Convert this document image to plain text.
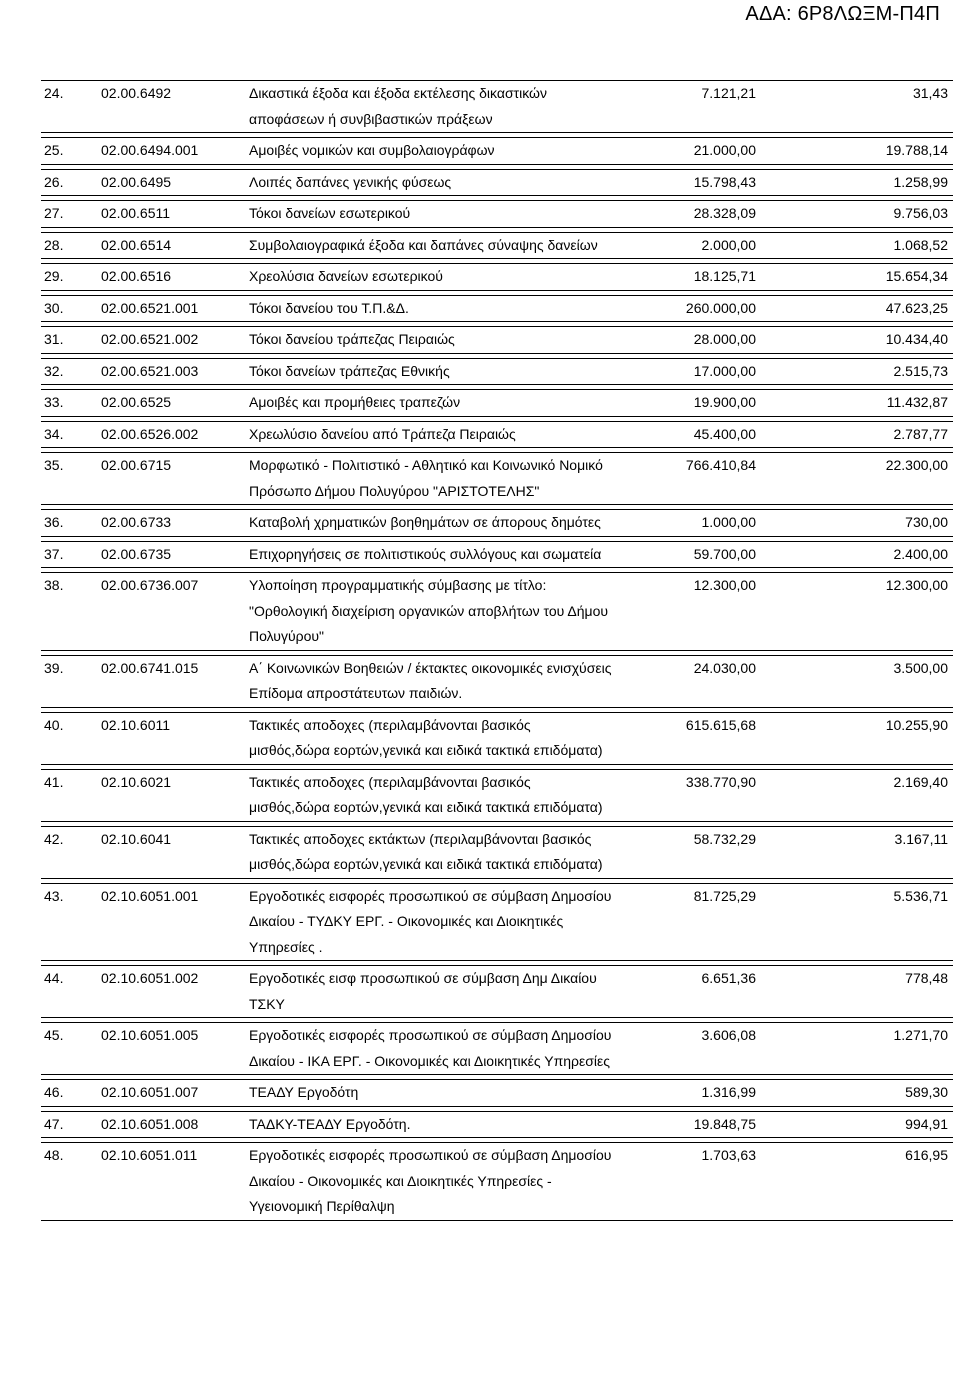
ΑΔΑ: 6Ρ8ΛΩΞΜ-Π4Π
24.	02.00.6492	Δικαστικά έξοδα και έξοδα εκτέλεσης δικαστικών αποφάσεων ή συνβιβαστικών πράξεων	7.121,21	31,43

25.	02.00.6494.001	Αμοιβές νομικών και συμβολαιογράφων	21.000,00	19.788,14

26.	02.00.6495	Λοιπές δαπάνες γενικής φύσεως	15.798,43	1.258,99

27.	02.00.6511	Τόκοι δανείων εσωτερικού	28.328,09	9.756,03

28.	02.00.6514	Συμβολαιογραφικά έξοδα και δαπάνες σύναψης δανείων	2.000,00	1.068,52

29.	02.00.6516	Χρεολύσια δανείων εσωτερικού	18.125,71	15.654,34

30.	02.00.6521.001	Τόκοι δανείου του Τ.Π.&Δ.	260.000,00	47.623,25

31.	02.00.6521.002	Τόκοι δανείου τράπεζας Πειραιώς	28.000,00	10.434,40

32.	02.00.6521.003	Τόκοι δανείων τράπεζας Εθνικής	17.000,00	2.515,73

33.	02.00.6525	Αμοιβές και προμήθειες τραπεζών	19.900,00	11.432,87

34.	02.00.6526.002	Χρεωλύσιο δανείου από Τράπεζα Πειραιώς	45.400,00	2.787,77

35.	02.00.6715	Μορφωτικό - Πολιτιστικό - Αθλητικό και Κοινωνικό Νομικό Πρόσωπο Δήμου Πολυγύρου "ΑΡΙΣΤΟΤΕΛΗΣ"	766.410,84	22.300,00

36.	02.00.6733	Καταβολή χρηματικών βοηθημάτων σε άπορους δημότες	1.000,00	730,00

37.	02.00.6735	Επιχορηγήσεις σε πολιτιστικούς συλλόγους και σωματεία	59.700,00	2.400,00

38.	02.00.6736.007	Υλοποίηση προγραμματικής σύμβασης με τίτλο: "Ορθολογική διαχείριση οργανικών αποβλήτων του Δήμου Πολυγύρου"	12.300,00	12.300,00

39.	02.00.6741.015	Α΄ Κοινωνικών Βοηθειών / έκτακτες οικονομικές ενισχύσεις Επίδομα απροστάτευτων παιδιών.	24.030,00	3.500,00

40.	02.10.6011	Τακτικές αποδοχες (περιλαμβάνονται βασικός μισθός,δώρα εορτών,γενικά και ειδικά τακτικά επιδόματα)	615.615,68	10.255,90

41.	02.10.6021	Τακτικές αποδοχες (περιλαμβάνονται βασικός μισθός,δώρα εορτών,γενικά και ειδικά τακτικά επιδόματα)	338.770,90	2.169,40

42.	02.10.6041	Τακτικές αποδοχες εκτάκτων (περιλαμβάνονται βασικός μισθός,δώρα εορτών,γενικά και ειδικά τακτικά επιδόματα)	58.732,29	3.167,11

43.	02.10.6051.001	Εργοδοτικές εισφορές προσωπικού σε σύμβαση Δημοσίου Δικαίου - ΤΥΔΚΥ ΕΡΓ. - Οικονομικές και Διοικητικές Υπηρεσίες .	81.725,29	5.536,71

44.	02.10.6051.002	Εργοδοτικές εισφ προσωπικού σε σύμβαση Δημ Δικαίου ΤΣΚΥ	6.651,36	778,48

45.	02.10.6051.005	Εργοδοτικές εισφορές προσωπικού σε σύμβαση Δημοσίου Δικαίου - ΙΚΑ ΕΡΓ. - Οικονομικές και Διοικητικές Υπηρεσίες	3.606,08	1.271,70

46.	02.10.6051.007	ΤΕΑΔΥ Εργοδότη	1.316,99	589,30

47.	02.10.6051.008	ΤΑΔΚΥ-ΤΕΑΔΥ Εργοδότη.	19.848,75	994,91

48.	02.10.6051.011	Εργοδοτικές εισφορές προσωπικού σε σύμβαση Δημοσίου Δικαίου - Οικονομικές και Διοικητικές Υπηρεσίες - Υγειονομική Περίθαλψη	1.703,63	616,95
